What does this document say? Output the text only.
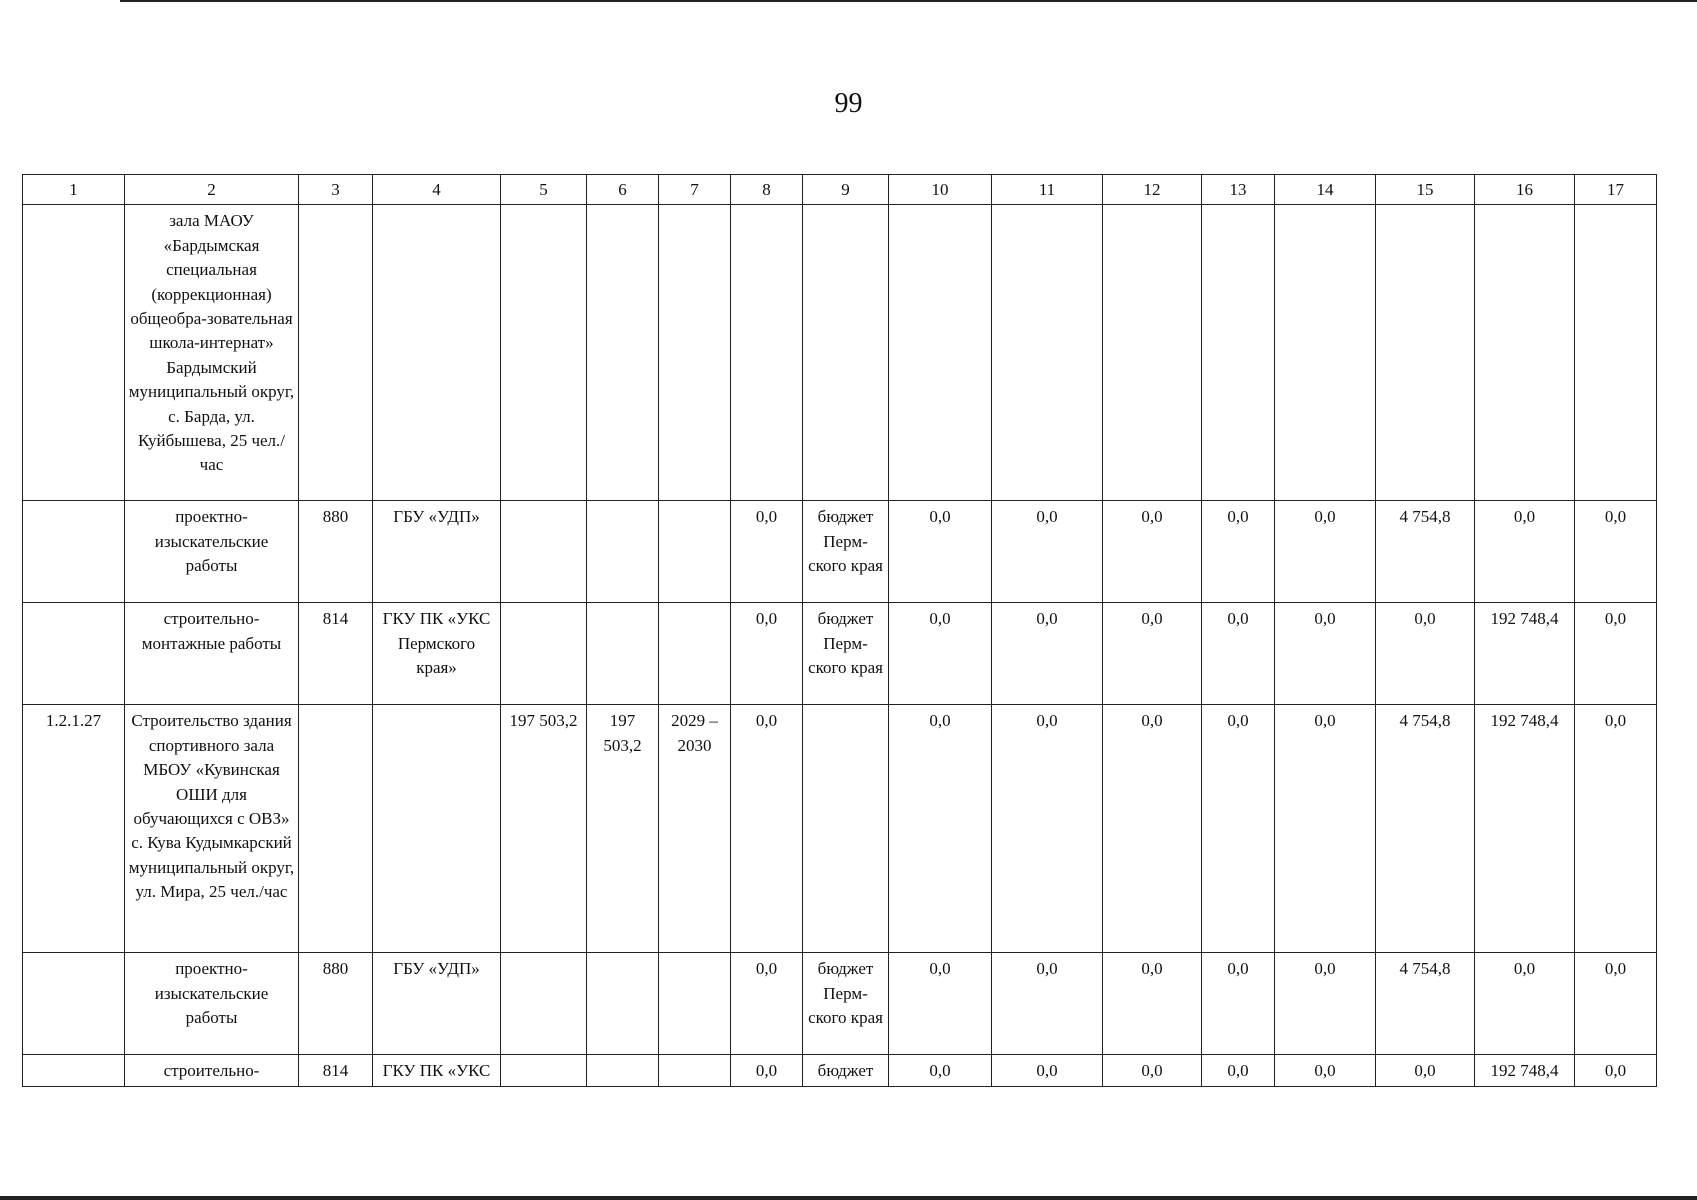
99
1	2	3	4	5	6	7	8	9	10	11	12	13	14	15	16	17
	зала МАОУ «Бардымская специальная (коррекционная) общеобра-зовательная школа-интернат» Бардымский муниципальный округ, с. Барда, ул. Куйбышева, 25 чел./час															
	проектно-изыскательские работы	880	ГБУ «УДП»				0,0	бюджет Перм-ского края	0,0	0,0	0,0	0,0	0,0	4 754,8	0,0	0,0
	строительно-монтажные работы	814	ГКУ ПК «УКС Пермского края»				0,0	бюджет Перм-ского края	0,0	0,0	0,0	0,0	0,0	0,0	192 748,4	0,0
1.2.1.27	Строительство здания спортивного зала МБОУ «Кувинская ОШИ для обучающихся с ОВЗ» с. Кува Кудымкарский муниципальный округ, ул. Мира, 25 чел./час			197 503,2	197 503,2	2029 – 2030	0,0		0,0	0,0	0,0	0,0	0,0	4 754,8	192 748,4	0,0
	проектно-изыскательские работы	880	ГБУ «УДП»				0,0	бюджет Перм-ского края	0,0	0,0	0,0	0,0	0,0	4 754,8	0,0	0,0
	строительно-	814	ГКУ ПК «УКС				0,0	бюджет	0,0	0,0	0,0	0,0	0,0	0,0	192 748,4	0,0
